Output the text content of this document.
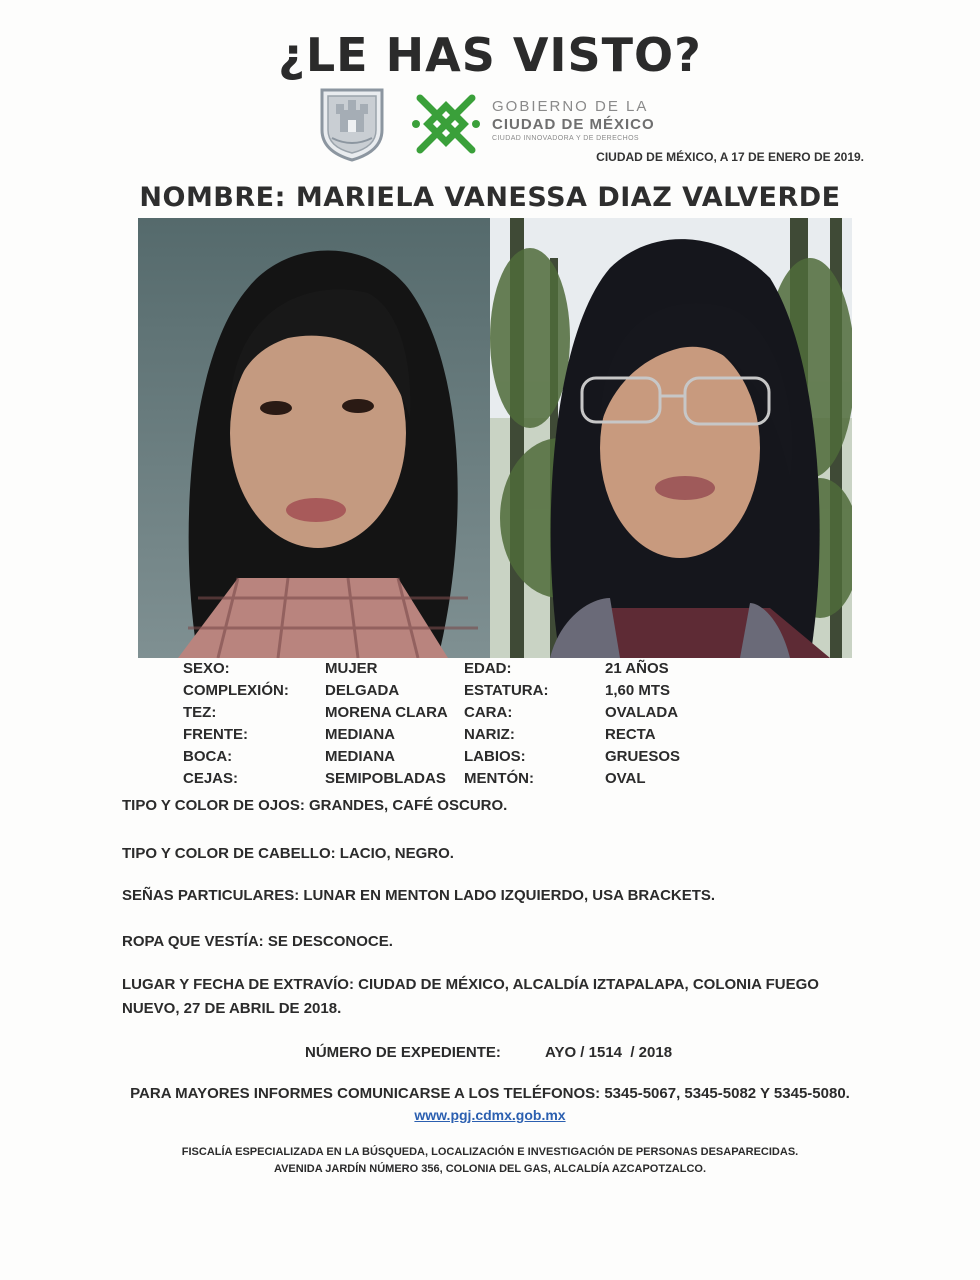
¿LE HAS VISTO?
GOBIERNO DE LA
CIUDAD DE MÉXICO
CIUDAD INNOVADORA Y DE DERECHOS
CIUDAD DE MÉXICO, A 17 DE ENERO DE 2019.
NOMBRE: MARIELA VANESSA DIAZ VALVERDE
SEXO:	MUJER	EDAD:	21 AÑOS
COMPLEXIÓN: DELGADA	ESTATURA:	1,60 MTS
TEZ:	MORENA CLARA CARA:	OVALADA
FRENTE:	MEDIANA	NARIZ:	RECTA
BOCA:	MEDIANA	LABIOS:	GRUESOS
CEJAS:	SEMIPOBLADAS MENTÓN:	OVAL
TIPO Y COLOR DE OJOS: GRANDES, CAFÉ OSCURO.
TIPO Y COLOR DE CABELLO: LACIO, NEGRO.
SEÑAS PARTICULARES: LUNAR EN MENTON LADO IZQUIERDO, USA BRACKETS.
ROPA QUE VESTÍA: SE DESCONOCE.
LUGAR Y FECHA DE EXTRAVÍO: CIUDAD DE MÉXICO, ALCALDÍA IZTAPALAPA, COLONIA FUEGO NUEVO, 27 DE ABRIL DE 2018.
NÚMERO DE EXPEDIENTE:	AYO / 1514  / 2018
PARA MAYORES INFORMES COMUNICARSE A LOS TELÉFONOS: 5345-5067, 5345-5082 Y 5345-5080.
www.pgj.cdmx.gob.mx
FISCALÍA ESPECIALIZADA EN LA BÚSQUEDA, LOCALIZACIÓN E INVESTIGACIÓN DE PERSONAS DESAPARECIDAS.
AVENIDA JARDÍN NÚMERO 356, COLONIA DEL GAS, ALCALDÍA AZCAPOTZALCO.
